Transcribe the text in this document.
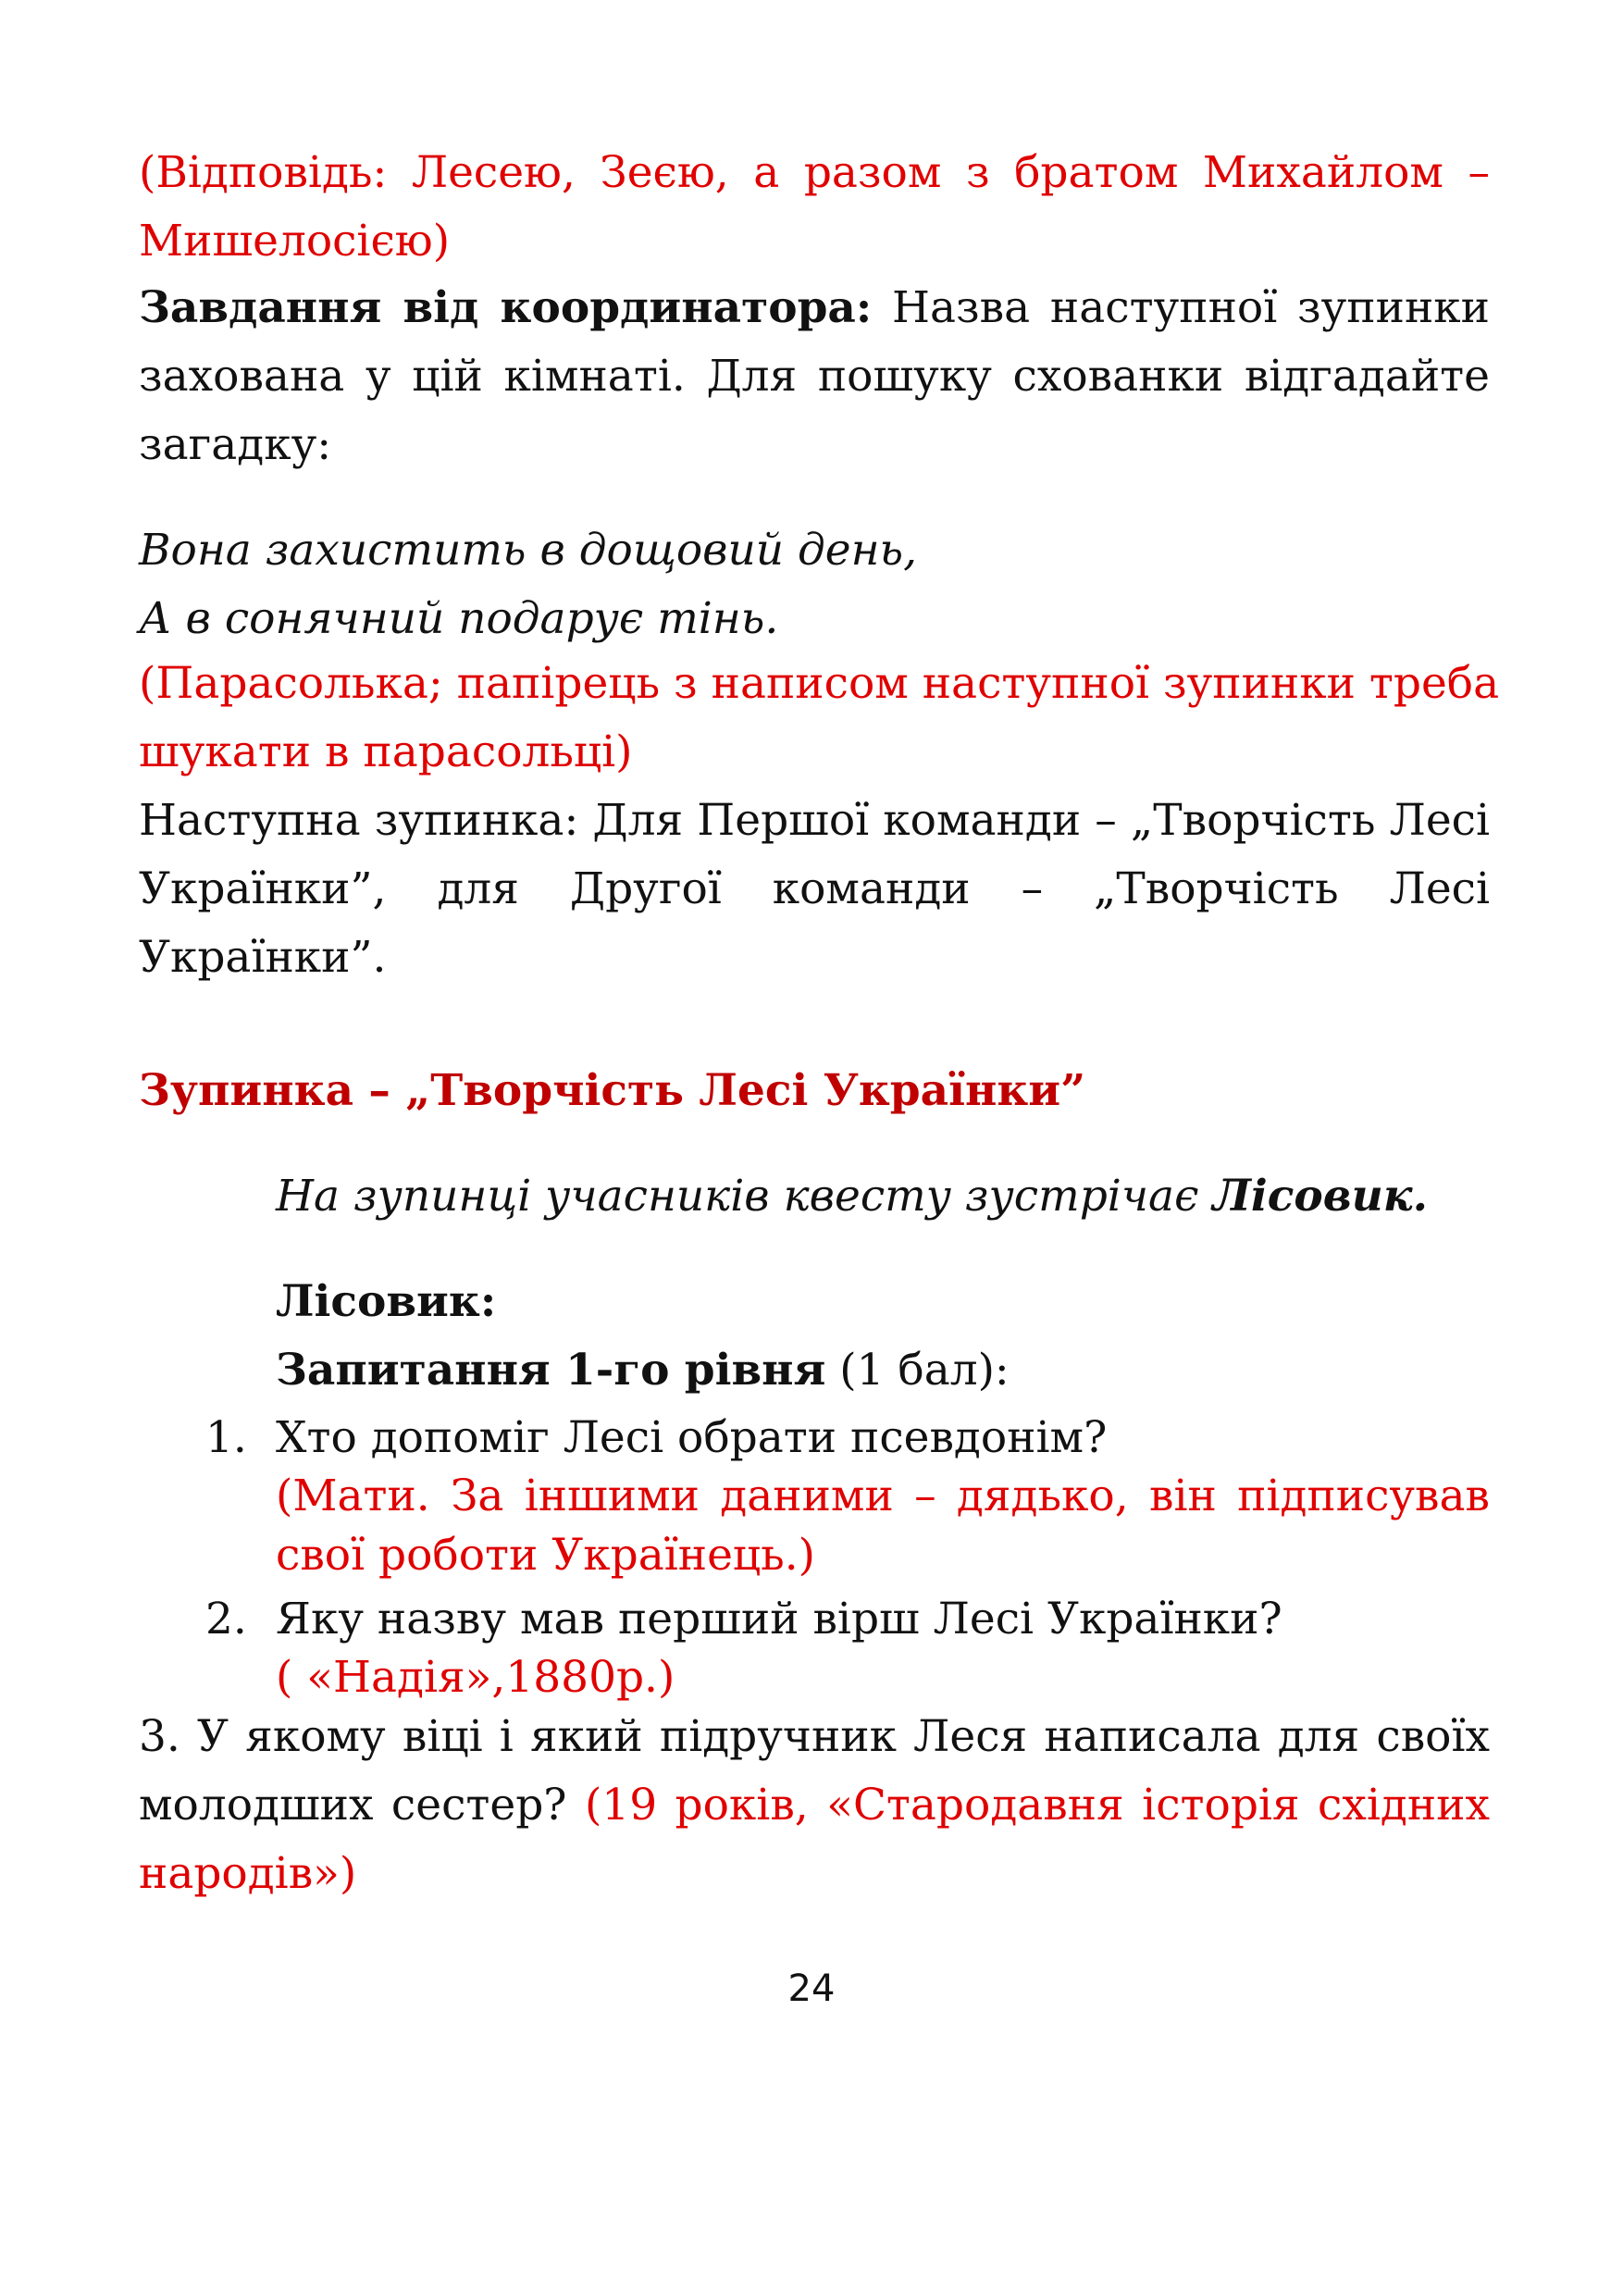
(Відповідь: Лесею, Зеєю, а разом з братом Михайлом –
Мишелосією)
Завдання від координатора: Назва наступної зупинки
захована у цій кімнаті. Для пошуку схованки відгадайте
загадку:
Вона захистить в дощовий день,
А в сонячний подарує тінь.
(Парасолька; папірець з написом наступної зупинки треба
шукати в парасольці)
Наступна зупинка: Для Першої команди – „Творчість Лесі
Українки”, для Другої команди – „Творчість Лесі
Українки”.
Зупинка – „Творчість Лесі Українки”
На зупинці учасників квесту зустрічає Лісовик.
Лісовик:
Запитання 1-го рівня (1 бал):
1. Хто допоміг Лесі обрати псевдонім?
(Мати. За іншими даними – дядько, він підписував
свої роботи Українець.)
2. Яку назву мав перший вірш Лесі Українки?
( «Надія»,1880р.)
3. У якому віці і який підручник Леся написала для своїх
молодших сестер? (19 років, «Стародавня історія східних
народів»)
24
